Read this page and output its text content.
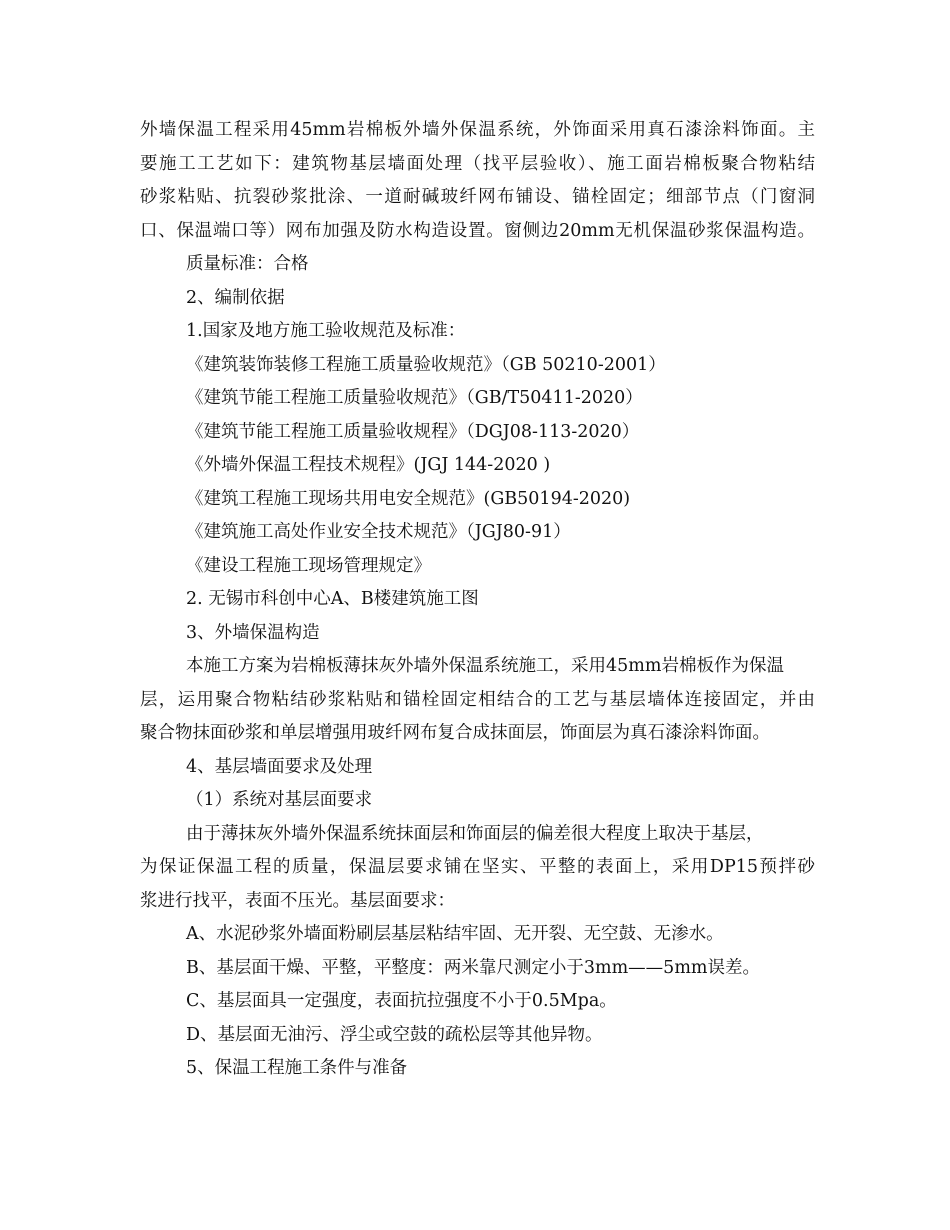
外墙保温工程采用45mm岩棉板外墙外保温系统，外饰面采用真石漆涂料饰面。主
要施工工艺如下：建筑物基层墙面处理（找平层验收）、施工面岩棉板聚合物粘结
砂浆粘贴、抗裂砂浆批涂、一道耐碱玻纤网布铺设、锚栓固定；细部节点（门窗洞
口、保温端口等）网布加强及防水构造设置。窗侧边20mm无机保温砂浆保温构造。
质量标准：合格
2、编制依据
1.国家及地方施工验收规范及标准：
《建筑装饰装修工程施工质量验收规范》（GB 50210-2001）
《建筑节能工程施工质量验收规范》（GB/T50411-2020）
《建筑节能工程施工质量验收规程》（DGJ08-113-2020）
《外墙外保温工程技术规程》(JGJ 144-2020 )
《建筑工程施工现场共用电安全规范》(GB50194-2020)
《建筑施工高处作业安全技术规范》（JGJ80-91）
《建设工程施工现场管理规定》
2. 无锡市科创中心A、B楼建筑施工图
3、外墙保温构造
本施工方案为岩棉板薄抹灰外墙外保温系统施工，采用45mm岩棉板作为保温
层，运用聚合物粘结砂浆粘贴和锚栓固定相结合的工艺与基层墙体连接固定，并由
聚合物抹面砂浆和单层增强用玻纤网布复合成抹面层，饰面层为真石漆涂料饰面。
4、基层墙面要求及处理
（1）系统对基层面要求
由于薄抹灰外墙外保温系统抹面层和饰面层的偏差很大程度上取决于基层，
为保证保温工程的质量，保温层要求铺在坚实、平整的表面上，采用DP15预拌砂
浆进行找平，表面不压光。基层面要求：
A、水泥砂浆外墙面粉刷层基层粘结牢固、无开裂、无空鼓、无渗水。
B、基层面干燥、平整，平整度：两米靠尺测定小于3mm——5mm误差。
C、基层面具一定强度，表面抗拉强度不小于0.5Mpa。
D、基层面无油污、浮尘或空鼓的疏松层等其他异物。
5、保温工程施工条件与准备
